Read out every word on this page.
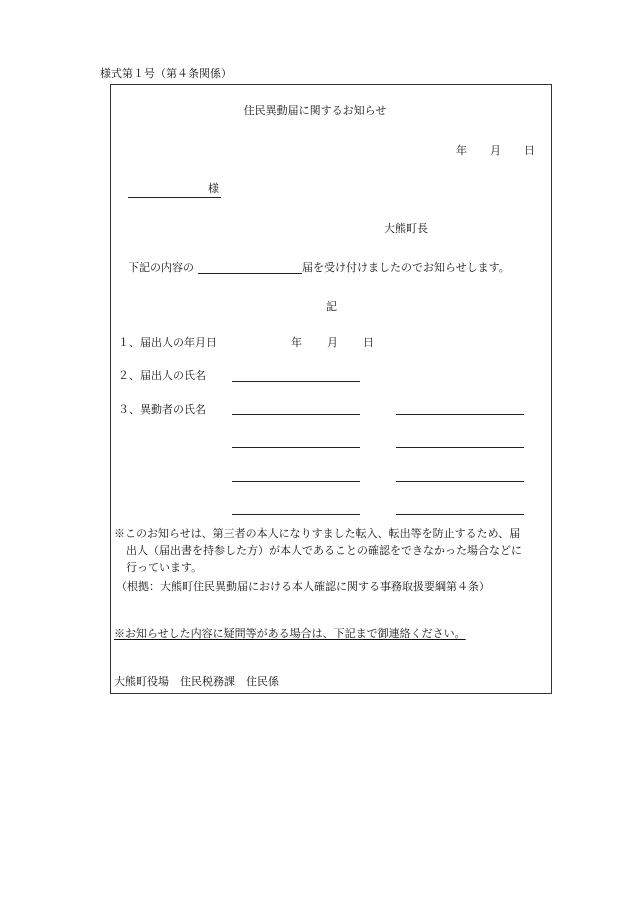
様式第１号（第４条関係）
住民異動届に関するお知らせ
年 月 日
様
大熊町長
下記の内容の	届を受け付けましたのでお知らせします。
記
１、届出人の年月日	年 月 日
２、届出人の氏名
３、異動者の氏名
※このお知らせは、第三者の本人になりすました転入、転出等を防止するため、届
出人（届出書を持参した方）が本人であることの確認をできなかった場合などに
行っています。
（根拠：大熊町住民異動届における本人確認に関する事務取扱要綱第４条）
※お知らせした内容に疑問等がある場合は、下記まで御連絡ください。
大熊町役場　住民税務課　住民係
